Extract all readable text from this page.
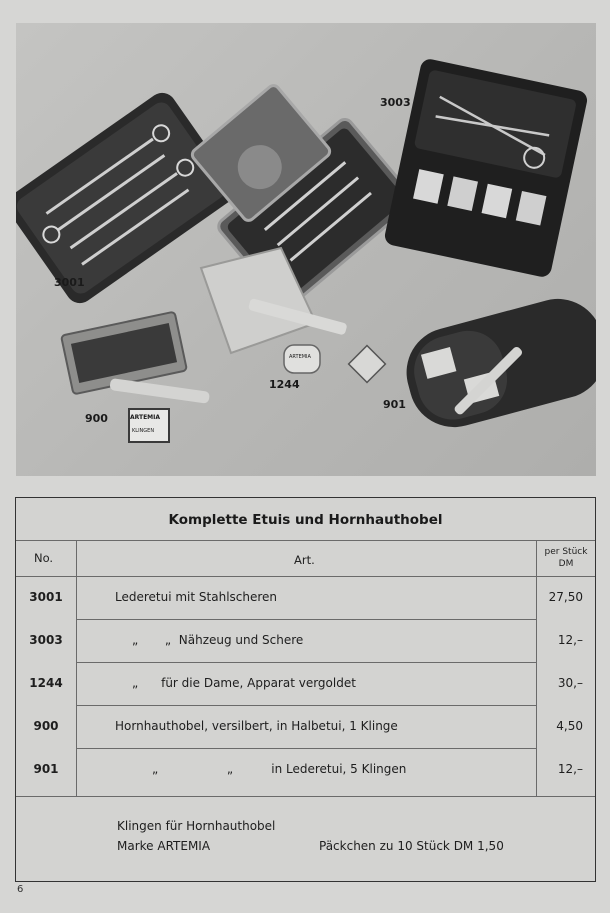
3001
3003
1244
900
901
ARTEMIA
KLINGEN
ARTEMIA
Komplette Etuis und Hornhauthobel
No.	Art.
per Stück
DM
3001	Lederetui mit Stahlscheren	27,50
3003	„       „  Nähzeug und Schere	12,–
1244	„      für die Dame, Apparat vergoldet	30,–
900	Hornhauthobel, versilbert, in Halbetui, 1 Klinge	4,50
901	„                  „          in Lederetui, 5 Klingen	12,–
Klingen für Hornhauthobel
Marke ARTEMIA	Päckchen zu 10 Stück DM 1,50
6
